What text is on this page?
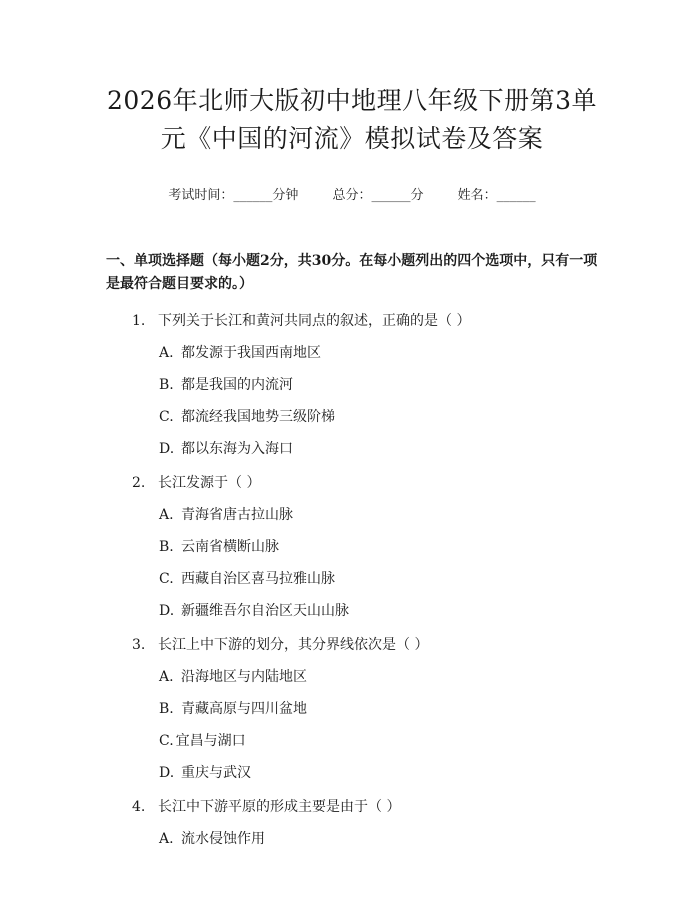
2026年北师大版初中地理八年级下册第3单
元《中国的河流》模拟试卷及答案
考试时间：______分钟	总分：______分	姓名：______
一、单项选择题（每小题2分，共30分。在每小题列出的四个选项中，只有一项是最符合题目要求的。）
1. 下列关于长江和黄河共同点的叙述，正确的是（ ）
A. 都发源于我国西南地区
B. 都是我国的内流河
C. 都流经我国地势三级阶梯
D. 都以东海为入海口
2. 长江发源于（ ）
A. 青海省唐古拉山脉
B. 云南省横断山脉
C. 西藏自治区喜马拉雅山脉
D. 新疆维吾尔自治区天山山脉
3. 长江上中下游的划分，其分界线依次是（ ）
A. 沿海地区与内陆地区
B. 青藏高原与四川盆地
C. 宜昌与湖口
D. 重庆与武汉
4. 长江中下游平原的形成主要是由于（ ）
A. 流水侵蚀作用
